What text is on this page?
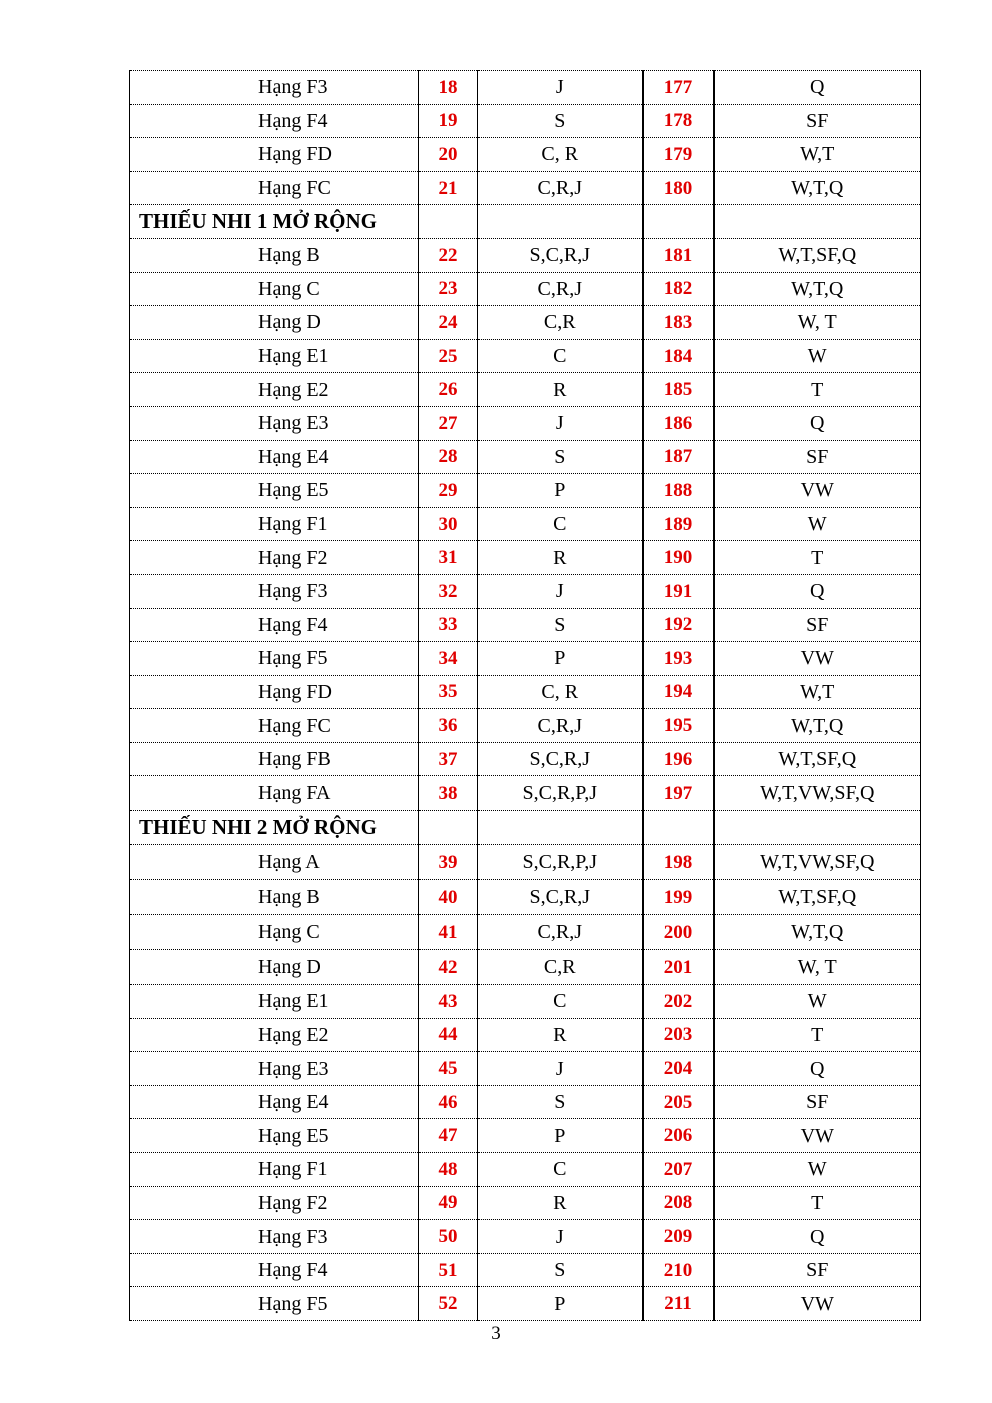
Hạng F3	18	J	177	Q
Hạng F4	19	S	178	SF
Hạng FD	20	C, R	179	W,T
Hạng FC	21	C,R,J	180	W,T,Q
THIẾU NHI 1 MỞ RỘNG				
Hạng B	22	S,C,R,J	181	W,T,SF,Q
Hạng C	23	C,R,J	182	W,T,Q
Hạng D	24	C,R	183	W, T
Hạng E1	25	C	184	W
Hạng E2	26	R	185	T
Hạng E3	27	J	186	Q
Hạng E4	28	S	187	SF
Hạng E5	29	P	188	VW
Hạng F1	30	C	189	W
Hạng F2	31	R	190	T
Hạng F3	32	J	191	Q
Hạng F4	33	S	192	SF
Hạng F5	34	P	193	VW
Hạng FD	35	C, R	194	W,T
Hạng FC	36	C,R,J	195	W,T,Q
Hạng FB	37	S,C,R,J	196	W,T,SF,Q
Hạng FA	38	S,C,R,P,J	197	W,T,VW,SF,Q
THIẾU NHI 2 MỞ RỘNG				
Hạng A	39	S,C,R,P,J	198	W,T,VW,SF,Q
Hạng B	40	S,C,R,J	199	W,T,SF,Q
Hạng C	41	C,R,J	200	W,T,Q
Hạng D	42	C,R	201	W, T
Hạng E1	43	C	202	W
Hạng E2	44	R	203	T
Hạng E3	45	J	204	Q
Hạng E4	46	S	205	SF
Hạng E5	47	P	206	VW
Hạng F1	48	C	207	W
Hạng F2	49	R	208	T
Hạng F3	50	J	209	Q
Hạng F4	51	S	210	SF
Hạng F5	52	P	211	VW
3
